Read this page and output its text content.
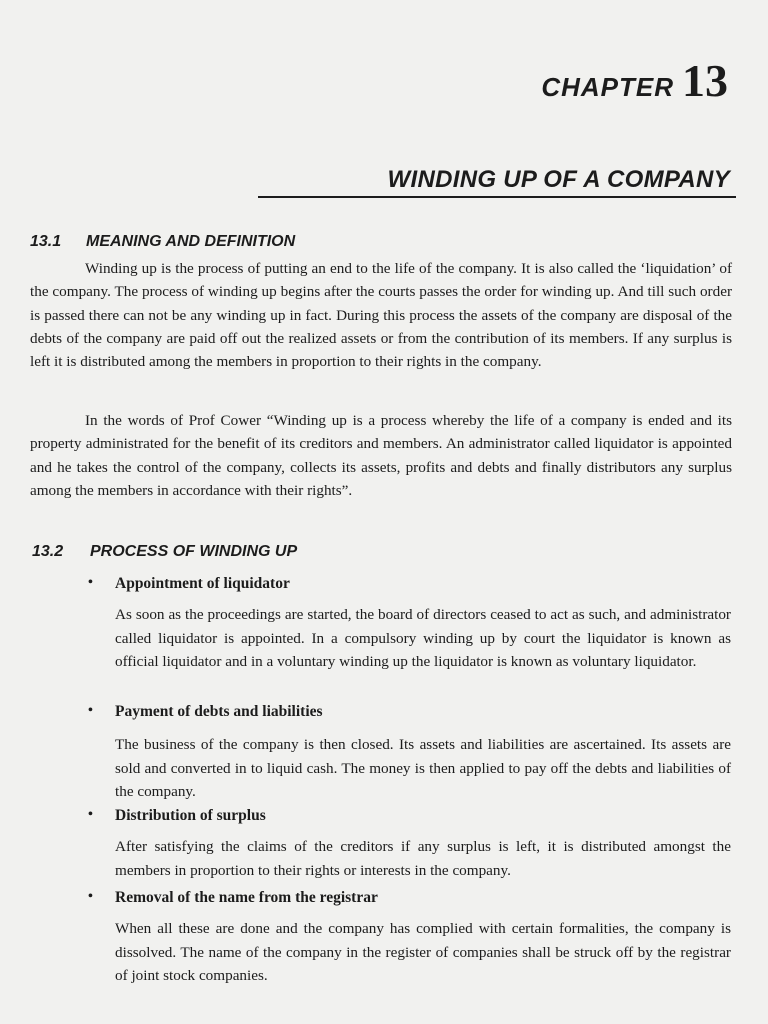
CHAPTER 13
WINDING UP OF A COMPANY
13.1 MEANING AND DEFINITION

Winding up is the process of putting an end to the life of the company. It is also called the ‘liquidation’ of the company. The process of winding up begins after the courts passes the order for winding up. And till such order is passed there can not be any winding up in fact. During this process the assets of the company are disposal of the debts of the company are paid off out the realized assets or from the contribution of its members. If any surplus is left it is distributed among the members in proportion to their rights in the company.

In the words of Prof Cower “Winding up is a process whereby the life of a company is ended and its property administrated for the benefit of its creditors and members. An administrator called liquidator is appointed and he takes the control of the company, collects its assets, profits and debts and finally distributors any surplus among the members in accordance with their rights”.

13.2 PROCESS OF WINDING UP
• Appointment of liquidator
As soon as the proceedings are started, the board of directors ceased to act as such, and administrator called liquidator is appointed. In a compulsory winding up by court the liquidator is known as official liquidator and in a voluntary winding up the liquidator is known as voluntary liquidator.
• Payment of debts and liabilities
The business of the company is then closed. Its assets and liabilities are ascertained. Its assets are sold and converted in to liquid cash. The money is then applied to pay off the debts and liabilities of the company.
• Distribution of surplus
After satisfying the claims of the creditors if any surplus is left, it is distributed amongst the members in proportion to their rights or interests in the company.
• Removal of the name from the registrar
When all these are done and the company has complied with certain formalities, the company is dissolved. The name of the company in the register of companies shall be struck off by the registrar of joint stock companies.
